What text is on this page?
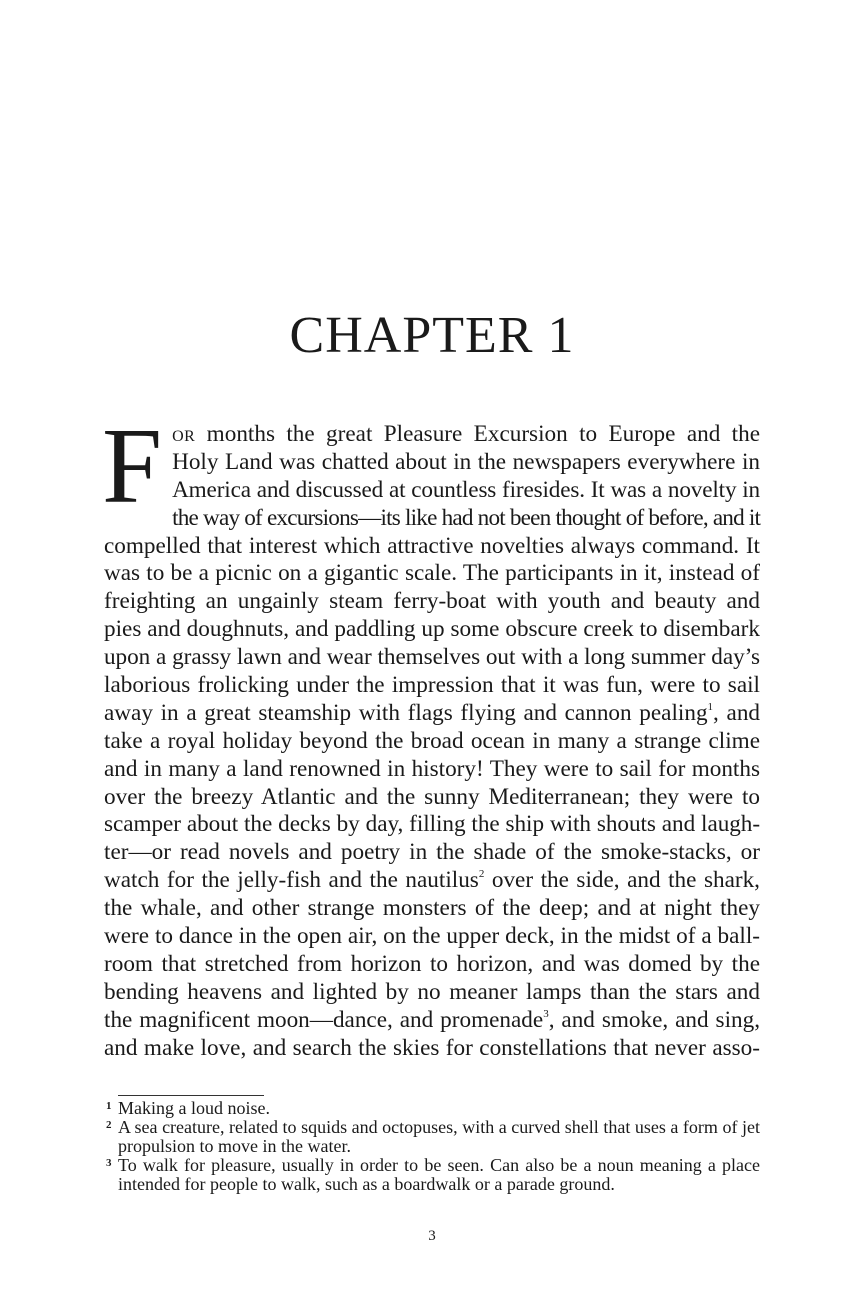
CHAPTER 1
F or months the great Pleasure Excursion to Europe and the
Holy Land was chatted about in the newspapers everywhere in
America and discussed at countless firesides. It was a novelty in
the way of excursions—its like had not been thought of before, and it
compelled that interest which attractive novelties always command. It
was to be a picnic on a gigantic scale. The participants in it, instead of
freighting an ungainly steam ferry-boat with youth and beauty and
pies and doughnuts, and paddling up some obscure creek to disembark
upon a grassy lawn and wear themselves out with a long summer day’s
laborious frolicking under the impression that it was fun, were to sail
away in a great steamship with flags flying and cannon pealing$^1$, and
take a royal holiday beyond the broad ocean in many a strange clime
and in many a land renowned in history! They were to sail for months
over the breezy Atlantic and the sunny Mediterranean; they were to
scamper about the decks by day, filling the ship with shouts and laugh-
ter—or read novels and poetry in the shade of the smoke-stacks, or
watch for the jelly-fish and the nautilus$^2$ over the side, and the shark,
the whale, and other strange monsters of the deep; and at night they
were to dance in the open air, on the upper deck, in the midst of a ball-
room that stretched from horizon to horizon, and was domed by the
bending heavens and lighted by no meaner lamps than the stars and
the magnificent moon—dance, and promenade$^3$, and smoke, and sing,
and make love, and search the skies for constellations that never asso-

1 Making a loud noise.

2 A sea creature, related to squids and octopuses, with a curved shell that uses a form of jet propulsion to move in the water.

3 To walk for pleasure, usually in order to be seen. Can also be a noun meaning a place intended for people to walk, such as a boardwalk or a parade ground.

3
